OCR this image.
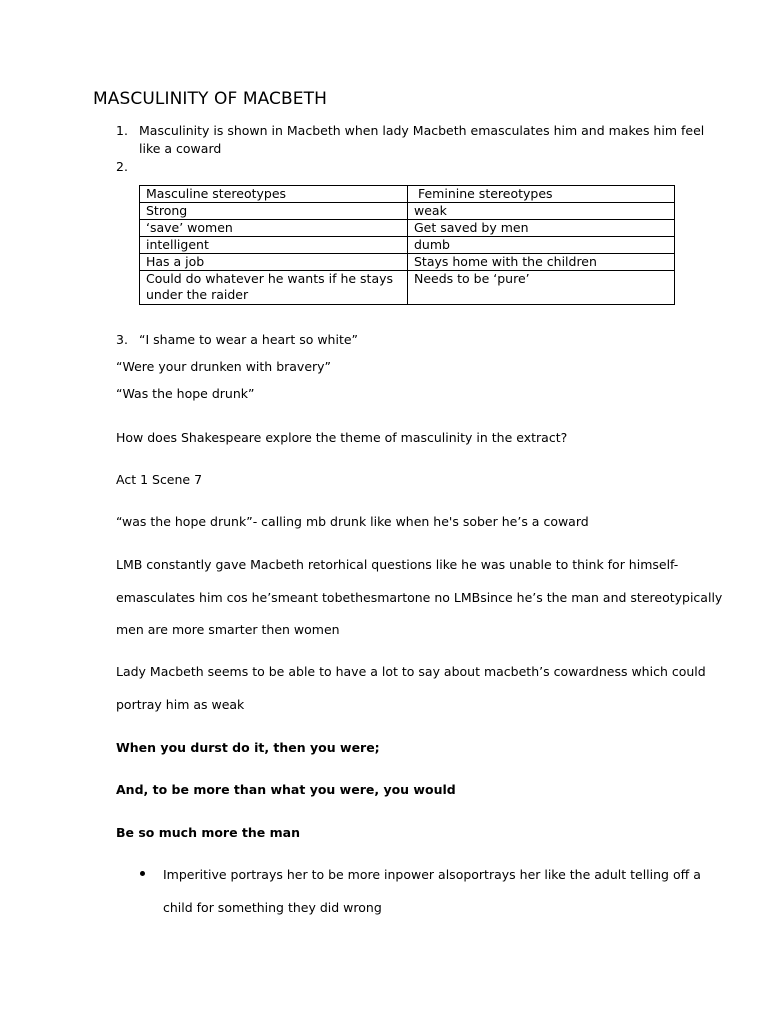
MASCULINITY OF MACBETH
1. Masculinity is shown in Macbeth when lady Macbeth emasculates him and makes him feel
like a coward
2.
Masculine stereotypes	Feminine stereotypes
Strong	weak
‘save’ women	Get saved by men
intelligent	dumb
Has a job	Stays home with the children

Could do whatever he wants if he stays
under the raider	Needs to be ‘pure’
3. “I shame to wear a heart so white”
“Were your drunken with bravery”
“Was the hope drunk”
How does Shakespeare explore the theme of masculinity in the extract?
Act 1 Scene 7
“was the hope drunk”- calling mb drunk like when he's sober he’s a coward
LMB constantly gave Macbeth retorhical questions like he was unable to think for himself-
emasculates him cos he’smeant tobethesmartone no LMBsince he’s the man and stereotypically
men are more smarter then women
Lady Macbeth seems to be able to have a lot to say about macbeth’s cowardness which could
portray him as weak
When you durst do it, then you were;
And, to be more than what you were, you would
Be so much more the man
Imperitive portrays her to be more inpower alsoportrays her like the adult telling off a
child for something they did wrong
